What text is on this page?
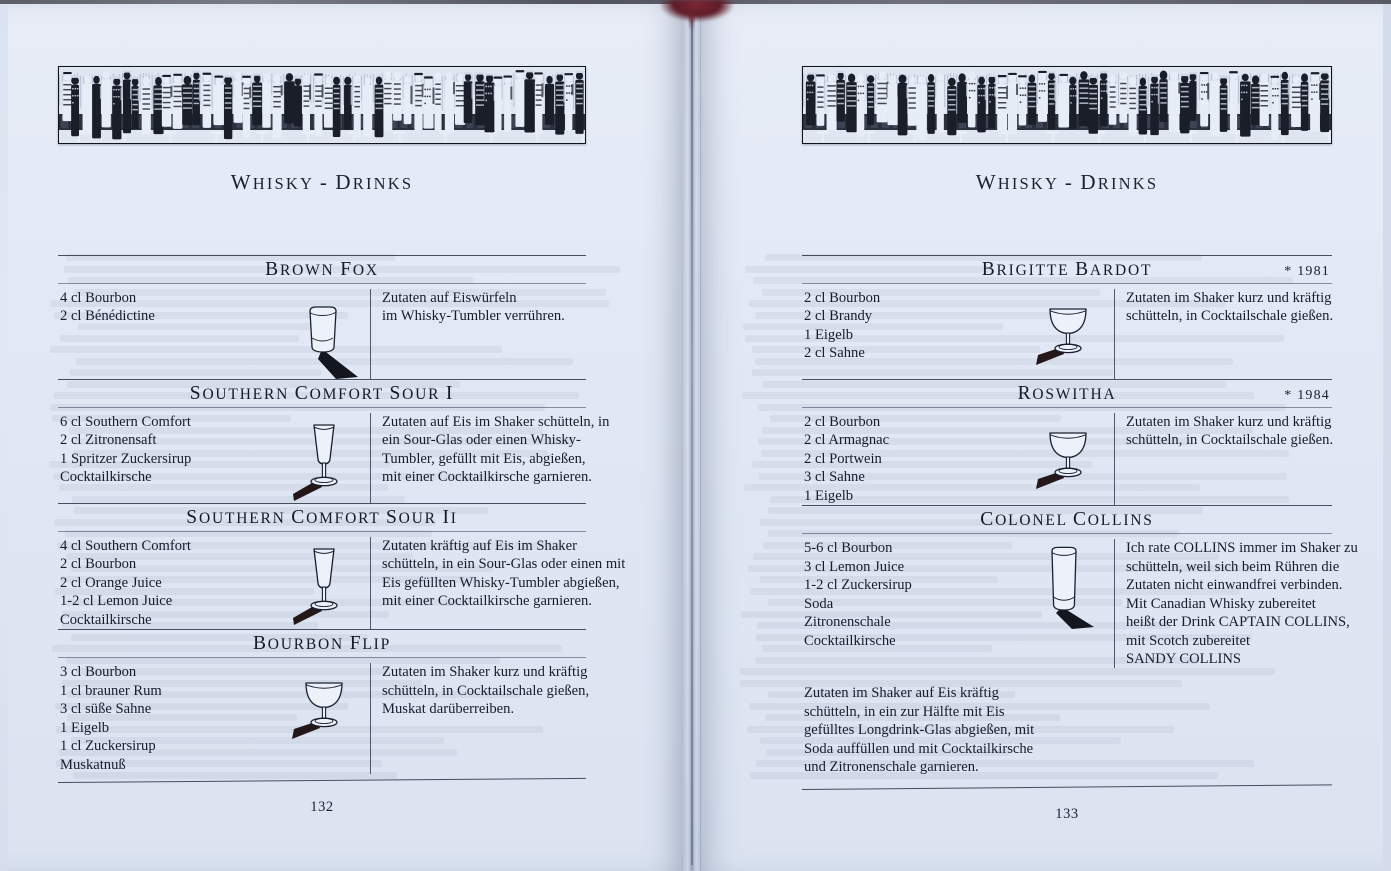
WHISKY - DRINKS
BROWN FOX
4 cl Bourbon
2 cl Bénédictine
Zutaten auf Eiswürfeln
im Whisky-Tumbler verrühren.
SOUTHERN COMFORT SOUR I
6 cl Southern Comfort
2 cl Zitronensaft
1 Spritzer Zuckersirup
Cocktailkirsche
Zutaten auf Eis im Shaker schütteln, in
ein Sour-Glas oder einen Whisky-
Tumbler, gefüllt mit Eis, abgießen,
mit einer Cocktailkirsche garnieren.
SOUTHERN COMFORT SOUR II
4 cl Southern Comfort
2 cl Bourbon
2 cl Orange Juice
1-2 cl Lemon Juice
Cocktailkirsche
Zutaten kräftig auf Eis im Shaker
schütteln, in ein Sour-Glas oder einen mit
Eis gefüllten Whisky-Tumbler abgießen,
mit einer Cocktailkirsche garnieren.
BOURBON FLIP
3 cl Bourbon
1 cl brauner Rum
3 cl süße Sahne
1 Eigelb
1 cl Zuckersirup
Muskatnuß
Zutaten im Shaker kurz und kräftig
schütteln, in Cocktailschale gießen,
Muskat darüberreiben.
132
WHISKY - DRINKS
BRIGITTE BARDOT	* 1981
2 cl Bourbon
2 cl Brandy
1 Eigelb
2 cl Sahne
Zutaten im Shaker kurz und kräftig
schütteln, in Cocktailschale gießen.
ROSWITHA	* 1984
2 cl Bourbon
2 cl Armagnac
2 cl Portwein
3 cl Sahne
1 Eigelb
Zutaten im Shaker kurz und kräftig
schütteln, in Cocktailschale gießen.
COLONEL COLLINS
5-6 cl Bourbon
3 cl Lemon Juice
1-2 cl Zuckersirup
Soda
Zitronenschale
Cocktailkirsche
Ich rate COLLINS immer im Shaker zu
schütteln, weil sich beim Rühren die
Zutaten nicht einwandfrei verbinden.
Mit Canadian Whisky zubereitet
heißt der Drink CAPTAIN COLLINS,
mit Scotch zubereitet
SANDY COLLINS
Zutaten im Shaker auf Eis kräftig
schütteln, in ein zur Hälfte mit Eis
gefülltes Longdrink-Glas abgießen, mit
Soda auffüllen und mit Cocktailkirsche
und Zitronenschale garnieren.
133
